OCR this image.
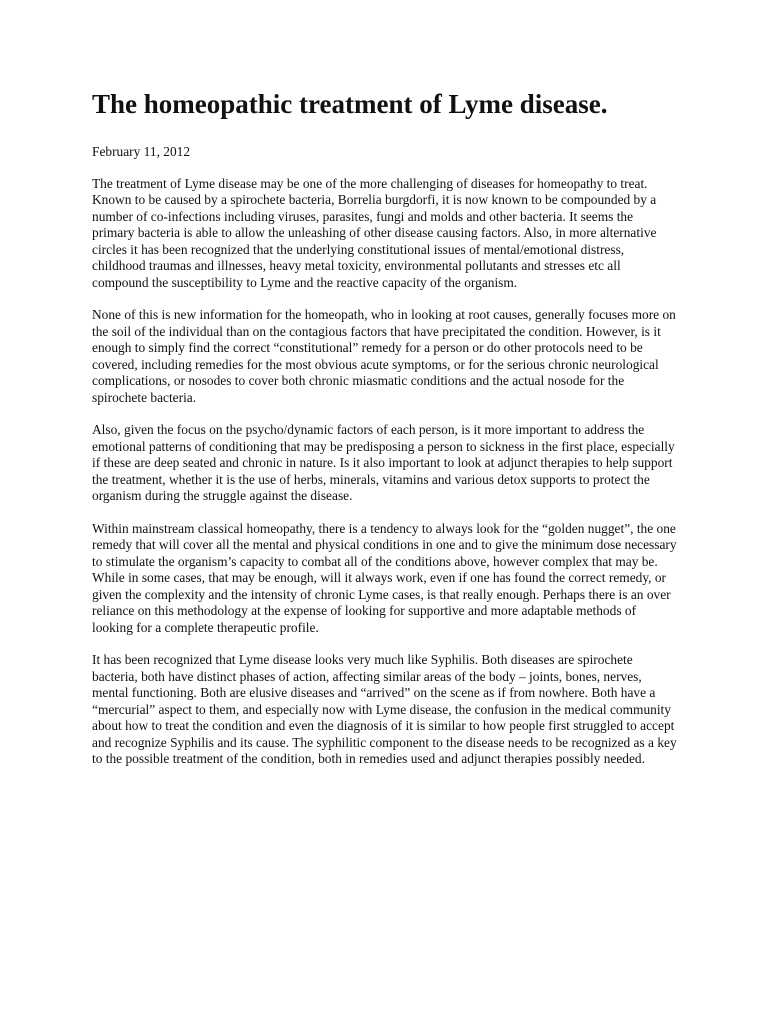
The homeopathic treatment of Lyme disease.

February 11, 2012

The treatment of Lyme disease may be one of the more challenging of diseases for homeopathy to treat. Known to be caused by a spirochete bacteria, Borrelia burgdorfi, it is now known to be compounded by a number of co-infections including viruses, parasites, fungi and molds and other bacteria. It seems the primary bacteria is able to allow the unleashing of other disease causing factors. Also, in more alternative circles it has been recognized that the underlying constitutional issues of mental/emotional distress, childhood traumas and illnesses, heavy metal toxicity, environmental pollutants and stresses etc all compound the susceptibility to Lyme and the reactive capacity of the organism.

None of this is new information for the homeopath, who in looking at root causes, generally focuses more on the soil of the individual than on the contagious factors that have precipitated the condition. However, is it enough to simply find the correct “constitutional” remedy for a person or do other protocols need to be covered, including remedies for the most obvious acute symptoms, or for the serious chronic neurological complications, or nosodes to cover both chronic miasmatic conditions and the actual nosode for the spirochete bacteria.

Also, given the focus on the psycho/dynamic factors of each person, is it more important to address the emotional patterns of conditioning that may be predisposing a person to sickness in the first place, especially if these are deep seated and chronic in nature. Is it also important to look at adjunct therapies to help support the treatment, whether it is the use of herbs, minerals, vitamins and various detox supports to protect the organism during the struggle against the disease.

Within mainstream classical homeopathy, there is a tendency to always look for the “golden nugget”, the one remedy that will cover all the mental and physical conditions in one and to give the minimum dose necessary to stimulate the organism’s capacity to combat all of the conditions above, however complex that may be. While in some cases, that may be enough, will it always work, even if one has found the correct remedy, or given the complexity and the intensity of chronic Lyme cases, is that really enough. Perhaps there is an over reliance on this methodology at the expense of looking for supportive and more adaptable methods of looking for a complete therapeutic profile.

It has been recognized that Lyme disease looks very much like Syphilis. Both diseases are spirochete bacteria, both have distinct phases of action, affecting similar areas of the body – joints, bones, nerves, mental functioning. Both are elusive diseases and “arrived” on the scene as if from nowhere. Both have a “mercurial” aspect to them, and especially now with Lyme disease, the confusion in the medical community about how to treat the condition and even the diagnosis of it is similar to how people first struggled to accept and recognize Syphilis and its cause. The syphilitic component to the disease needs to be recognized as a key to the possible treatment of the condition, both in remedies used and adjunct therapies possibly needed.
